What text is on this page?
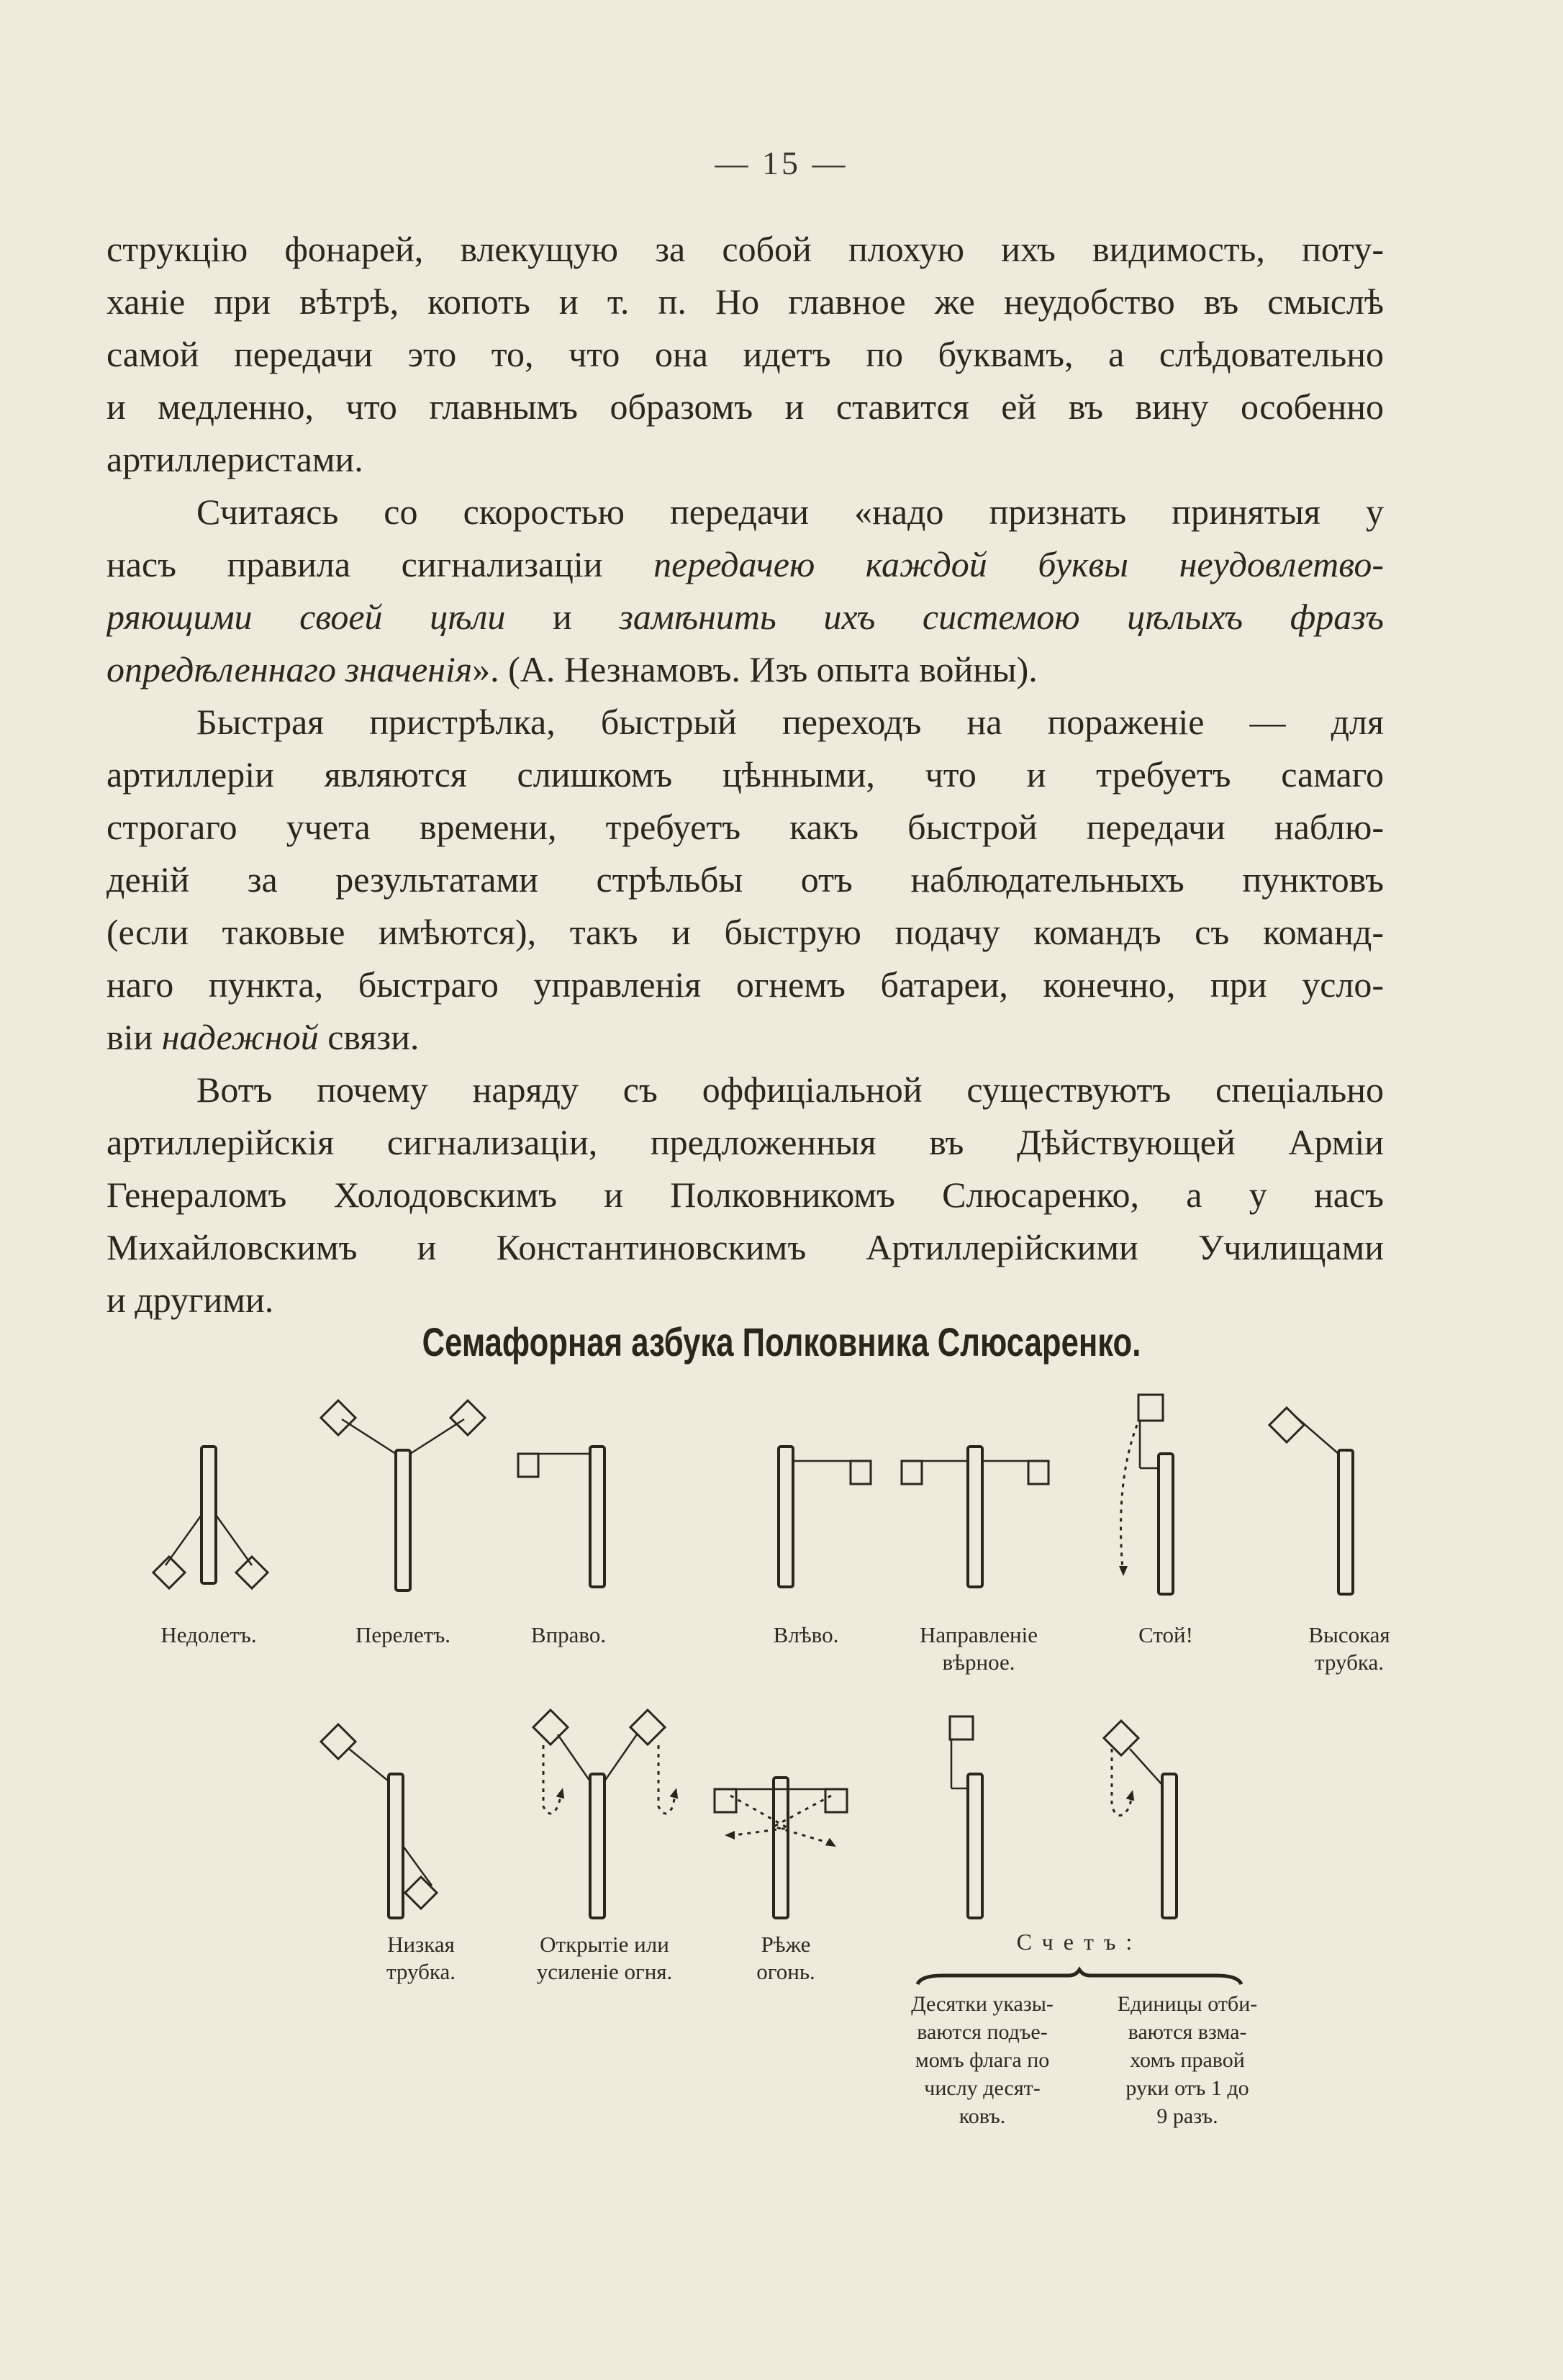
— 15 —
струкцію фонарей, влекущую за собой плохую ихъ видимость, поту-
ханіе при вѣтрѣ, копоть и т. п. Но главное же неудобство въ смыслѣ
самой передачи это то, что она идетъ по буквамъ, а слѣдовательно
и медленно, что главнымъ образомъ и ставится ей въ вину особенно
артиллеристами.
Считаясь со скоростью передачи «надо признать принятыя у
насъ правила сигнализаціи передачею каждой буквы неудовлетво-
ряющими своей цѣли и замѣнить ихъ системою цѣлыхъ фразъ
опредѣленнаго значенія». (А. Незнамовъ. Изъ опыта войны).
Быстрая пристрѣлка, быстрый переходъ на пораженіе — для
артиллеріи являются слишкомъ цѣнными, что и требуетъ самаго
строгаго учета времени, требуетъ какъ быстрой передачи наблю-
деній за результатами стрѣльбы отъ наблюдательныхъ пунктовъ
(если таковые имѣются), такъ и быструю подачу командъ съ команд-
наго пункта, быстраго управленія огнемъ батареи, конечно, при усло-
віи надежной связи.
Вотъ почему наряду съ оффиціальной существуютъ спеціально
артиллерійскія сигнализаціи, предложенныя въ Дѣйствующей Арміи
Генераломъ Холодовскимъ и Полковникомъ Слюсаренко, а у насъ
Михайловскимъ и Константиновскимъ Артиллерійскими Училищами
и другими.
Семафорная азбука Полковника Слюсаренко.
Недолетъ.	Перелетъ.	Вправо.	Влѣво.	Направленіе
вѣрное.
Стой!	Высокая
трубка.
Низкая
трубка.
Открытіе или
усиленіе огня.
Рѣже
огонь.
Счетъ:
Десятки указы-
ваются подъе-
момъ флага по
числу десят-
ковъ.
Единицы отби-
ваются взма-
хомъ правой
руки отъ 1 до
9 разъ.
